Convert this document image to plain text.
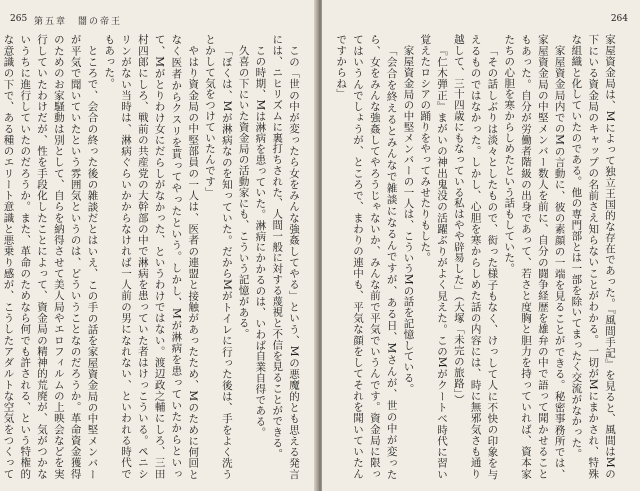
265 第五章　闇の帝王

この「世の中が変ったら女をみんな強姦してやる」という、Mの悪魔的とも思える発言には、ニヒリズムに裏打ちされた、人間一般に対する蔑視と不信を見ることができる。

この時期、Mは淋病を患っていた。淋病にかかるのは、いわば自業自得である。

久喜の下にいた資金局の活動家にも、こういう記憶がある。

「ぼくは、Mが淋病なのを知っていた。だからMがトイレに行った後は、手をよく洗うとかして気をつけていたんです」

やはり資金局の中堅部員の一人は、医者の連盟と接触があったため、Mのために何回となく医者からクスリを貰ってやったという。しかし、Mが淋病を患っていたからといって、Mがとりわけ女にだらしがなかった、というわけではない。渡辺政之輔にしろ、三田村四郎にしろ、戦前の共産党の大幹部の中で淋病を患っていた者はけっこういる。ペニシリンがない当時は、淋病ぐらいかからなければ一人前の男になれない、といわれる時代でもあった。

ところで、会合の終った後の雑談だとはいえ、この手の話を家屋資金局の中堅メンバーが平気で聞いていたという雰囲気というのは、どういうことなのだろうか。革命資金獲得のためのお家騒動は別として、自らを納得させて美人局やエロフィルムの上映会などを実行していたわけだが、性を手段化したことによって、資金局の精神的荒廃が、気がつかないうちに進行していたのだろうか。また、革命のためなら何でも許される、という特権的な意識の下で、ある種のエリート意識と悪乗り感が、こうしたアダルトな空気をつくって

264

家屋資金局は、Mによって独立王国的な存在であった。『風間手記』を見ると、風間はMの下にいる資金局のキャップの名前さえ知らないことがわかる。一切がMにまかされ、特殊な組織と化していたのである。他の専門部とは一部を除いてまったく交流がなかった。

家屋資金局内でのMの言動に、彼の素顔の一端を見ることができる。秘密事務所では、家屋資金局の中堅メンバー数人を前に、自分の闘争経歴を雄弁の中で語って聞かせることもあった。自分が労働者階級の出身であって、若さと度胸と胆力を持っていれば、資本家たちの心胆を寒からしめたという話もしていた。

「その話しぶりは淡々としたもので、衒った様子もなく、けっして人に不快の印象を与えるものではなかった。しかし、心胆を寒からしめた話の内容には、時に無邪気さも通り越して、三十四歳にもなっている私はやや辟易した」（大塚「未完の旅路」）

『仁木弾正』まがいの神出鬼没の活躍ぶりがよく見えた。このMがクートベ時代に習い覚えたロシアの踊りをやってみせたりもした。

家屋資金局の中堅メンバーの一人は、こういうMの話を記憶している。

「会合を終えるとみんなで雑談になるんですが、ある日、Mさんが、世の中が変ったら、女をみんな強姦してやろうじゃないか、みんな前で平気でいうんです。資金局に限ってはいうんでしょうが、ところで、まわりの連中も、平気な顔をしてそれを聞いていたんですからね」
